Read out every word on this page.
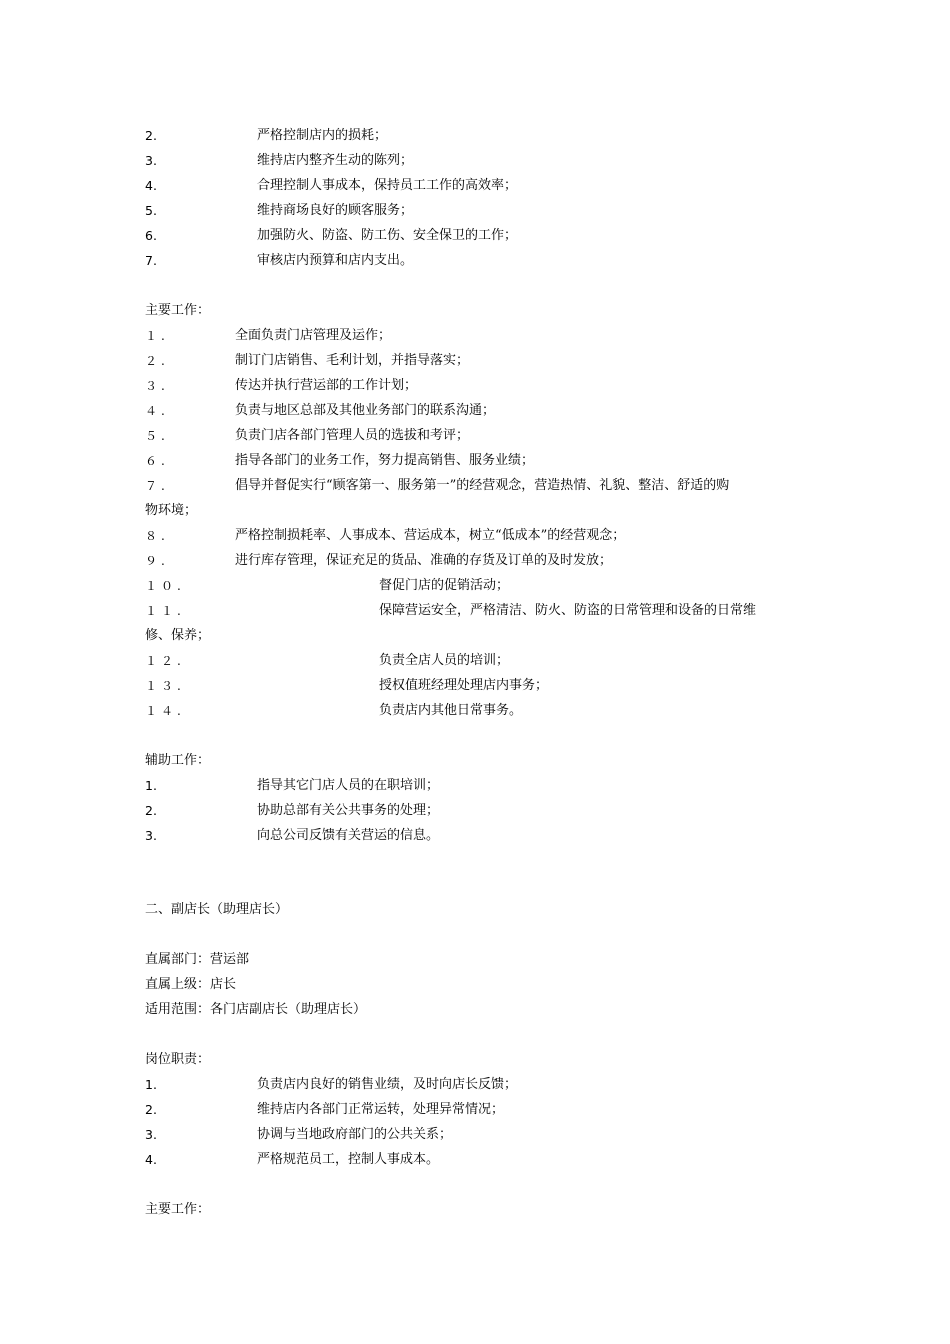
2.	严格控制店内的损耗；
3.	维持店内整齐生动的陈列；
4.	合理控制人事成本，保持员工工作的高效率；
5.	维持商场良好的顾客服务；
6.	加强防火、防盗、防工伤、安全保卫的工作；
7.	审核店内预算和店内支出。
主要工作：
１.	全面负责门店管理及运作；
２.	制订门店销售、毛利计划，并指导落实；
３.	传达并执行营运部的工作计划；
４.	负责与地区总部及其他业务部门的联系沟通；
５.	负责门店各部门管理人员的选拔和考评；
６.	指导各部门的业务工作，努力提高销售、服务业绩；
７.	倡导并督促实行“顾客第一、服务第一”的经营观念，营造热情、礼貌、整洁、舒适的购
物环境；
８.	严格控制损耗率、人事成本、营运成本，树立“低成本”的经营观念；
９.	进行库存管理，保证充足的货品、准确的存货及订单的及时发放；
１０.	督促门店的促销活动；
１１.	保障营运安全，严格清洁、防火、防盗的日常管理和设备的日常维
修、保养；
１２.	负责全店人员的培训；
１３.	授权值班经理处理店内事务；
１４.	负责店内其他日常事务。
辅助工作：
1.	指导其它门店人员的在职培训；
2.	协助总部有关公共事务的处理；
3.	向总公司反馈有关营运的信息。
二、副店长（助理店长）
直属部门：营运部
直属上级：店长
适用范围：各门店副店长（助理店长）
岗位职责：
1.	负责店内良好的销售业绩，及时向店长反馈；
2.	维持店内各部门正常运转，处理异常情况；
3.	协调与当地政府部门的公共关系；
4.	严格规范员工，控制人事成本。
主要工作：
